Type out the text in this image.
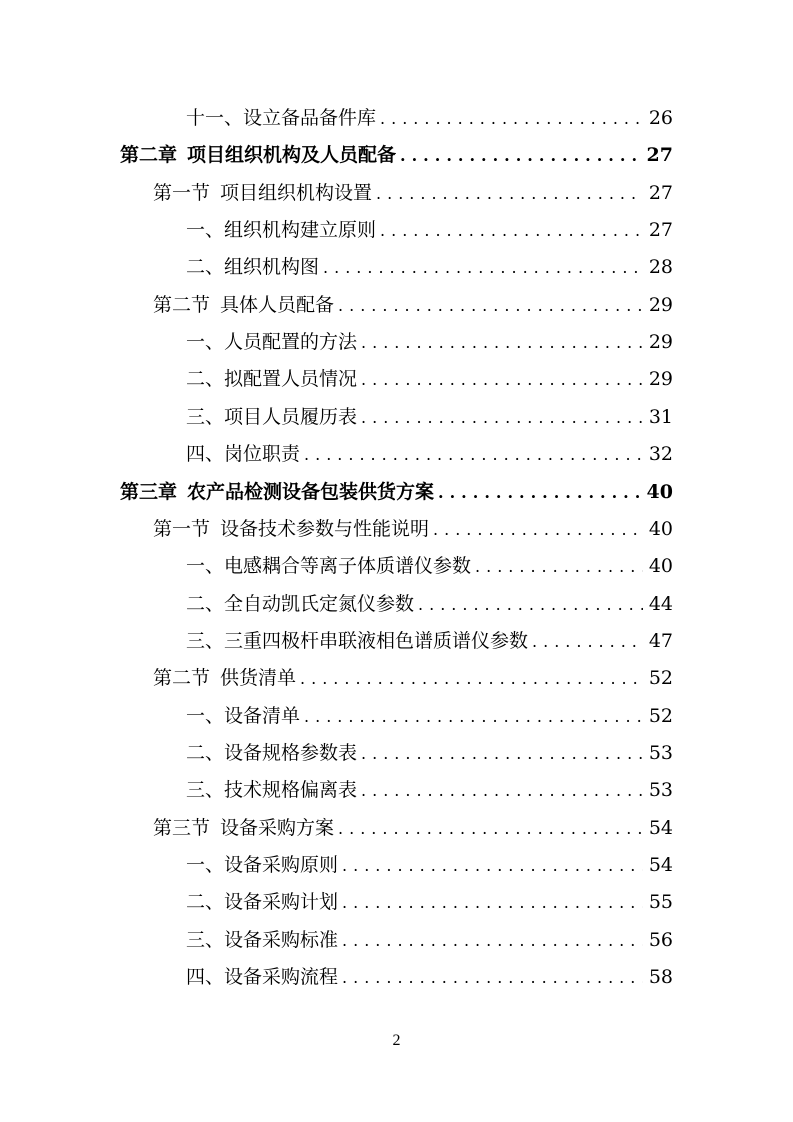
十一、设立备品备件库 .....	26
第二章 项目组织机构及人员配备 .....	27
第一节 项目组织机构设置 .....	27
一、组织机构建立原则 .....	27
二、组织机构图 .....	28
第二节 具体人员配备 .....	29
一、人员配置的方法 .....	29
二、拟配置人员情况 .....	29
三、项目人员履历表 .....	31
四、岗位职责 .....	32
第三章 农产品检测设备包装供货方案 .....	40
第一节 设备技术参数与性能说明 .....	40
一、电感耦合等离子体质谱仪参数 .....	40
二、全自动凯氏定氮仪参数 .....	44
三、三重四极杆串联液相色谱质谱仪参数 .....	47
第二节 供货清单 .....	52
一、设备清单 .....	52
二、设备规格参数表 .....	53
三、技术规格偏离表 .....	53
第三节 设备采购方案 .....	54
一、设备采购原则 .....	54
二、设备采购计划 .....	55
三、设备采购标准 .....	56
四、设备采购流程 .....	58
2
